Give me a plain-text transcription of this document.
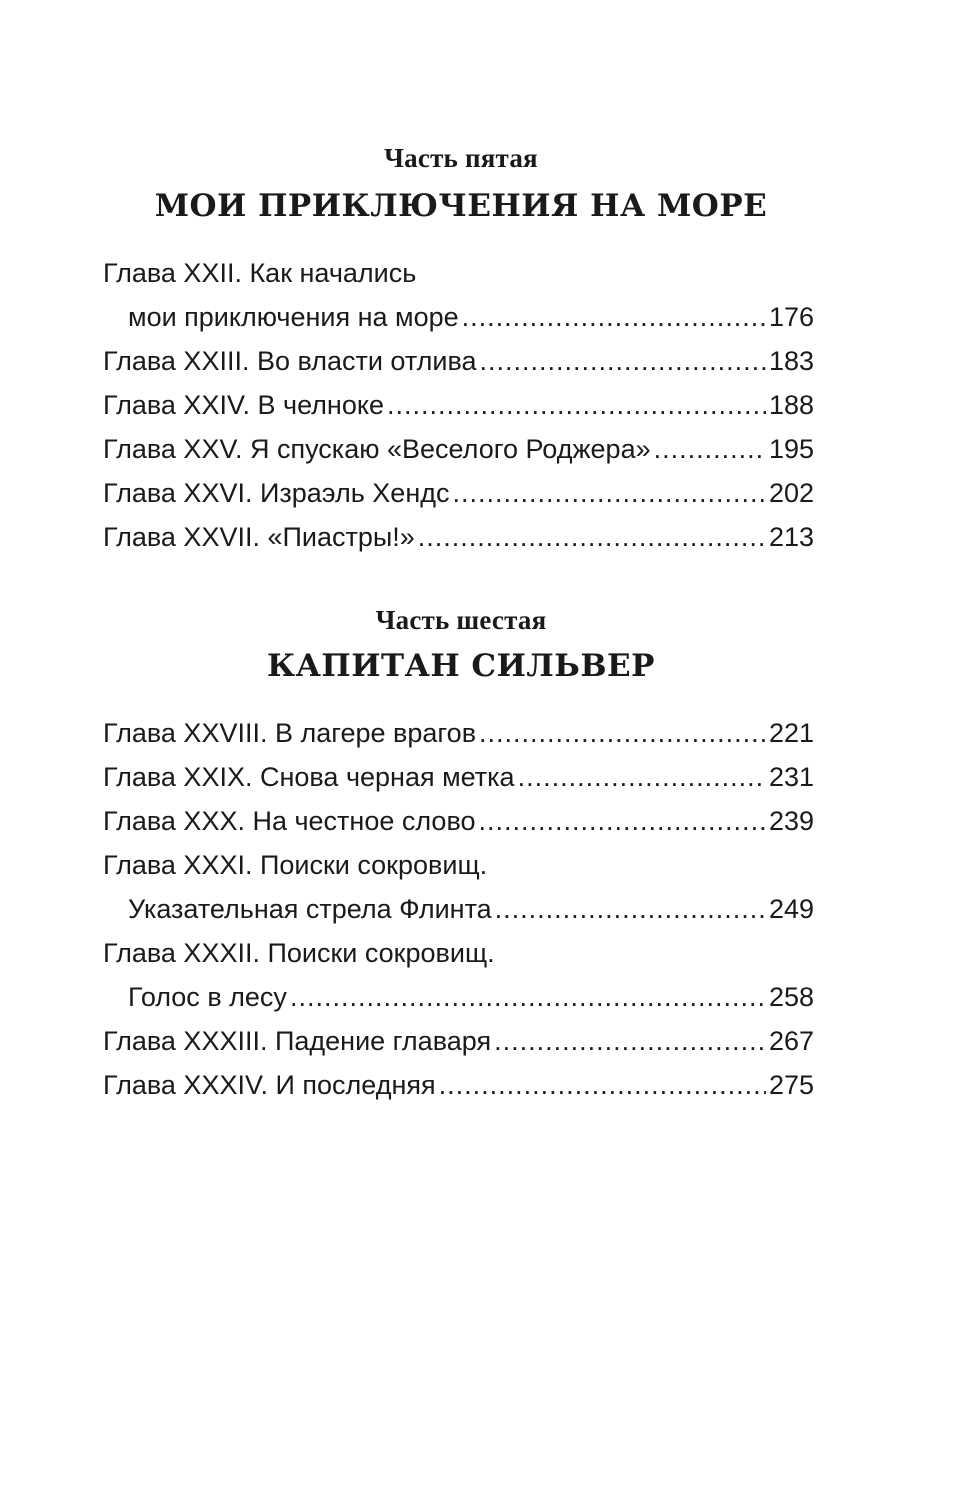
Часть пятая
МОИ ПРИКЛЮЧЕНИЯ НА МОРЕ
Глава XXII. Как начались
мои приключения на море .....	176
Глава XXIII. Во власти отлива .....	183
Глава XXIV. В челноке .....	188
Глава XXV. Я спускаю «Веселого Роджера» .....	195
Глава XXVI. Израэль Хендс .....	202
Глава XXVII. «Пиастры!» .....	213
Часть шестая
КАПИТАН СИЛЬВЕР
Глава XXVIII. В лагере врагов .....	221
Глава XXIX. Снова черная метка .....	231
Глава XXX. На честное слово .....	239
Глава XXXI. Поиски сокровищ.
Указательная стрела Флинта .....	249
Глава XXXII. Поиски сокровищ.
Голос в лесу .....	258
Глава XXXIII. Падение главаря .....	267
Глава XXXIV. И последняя .....	275
